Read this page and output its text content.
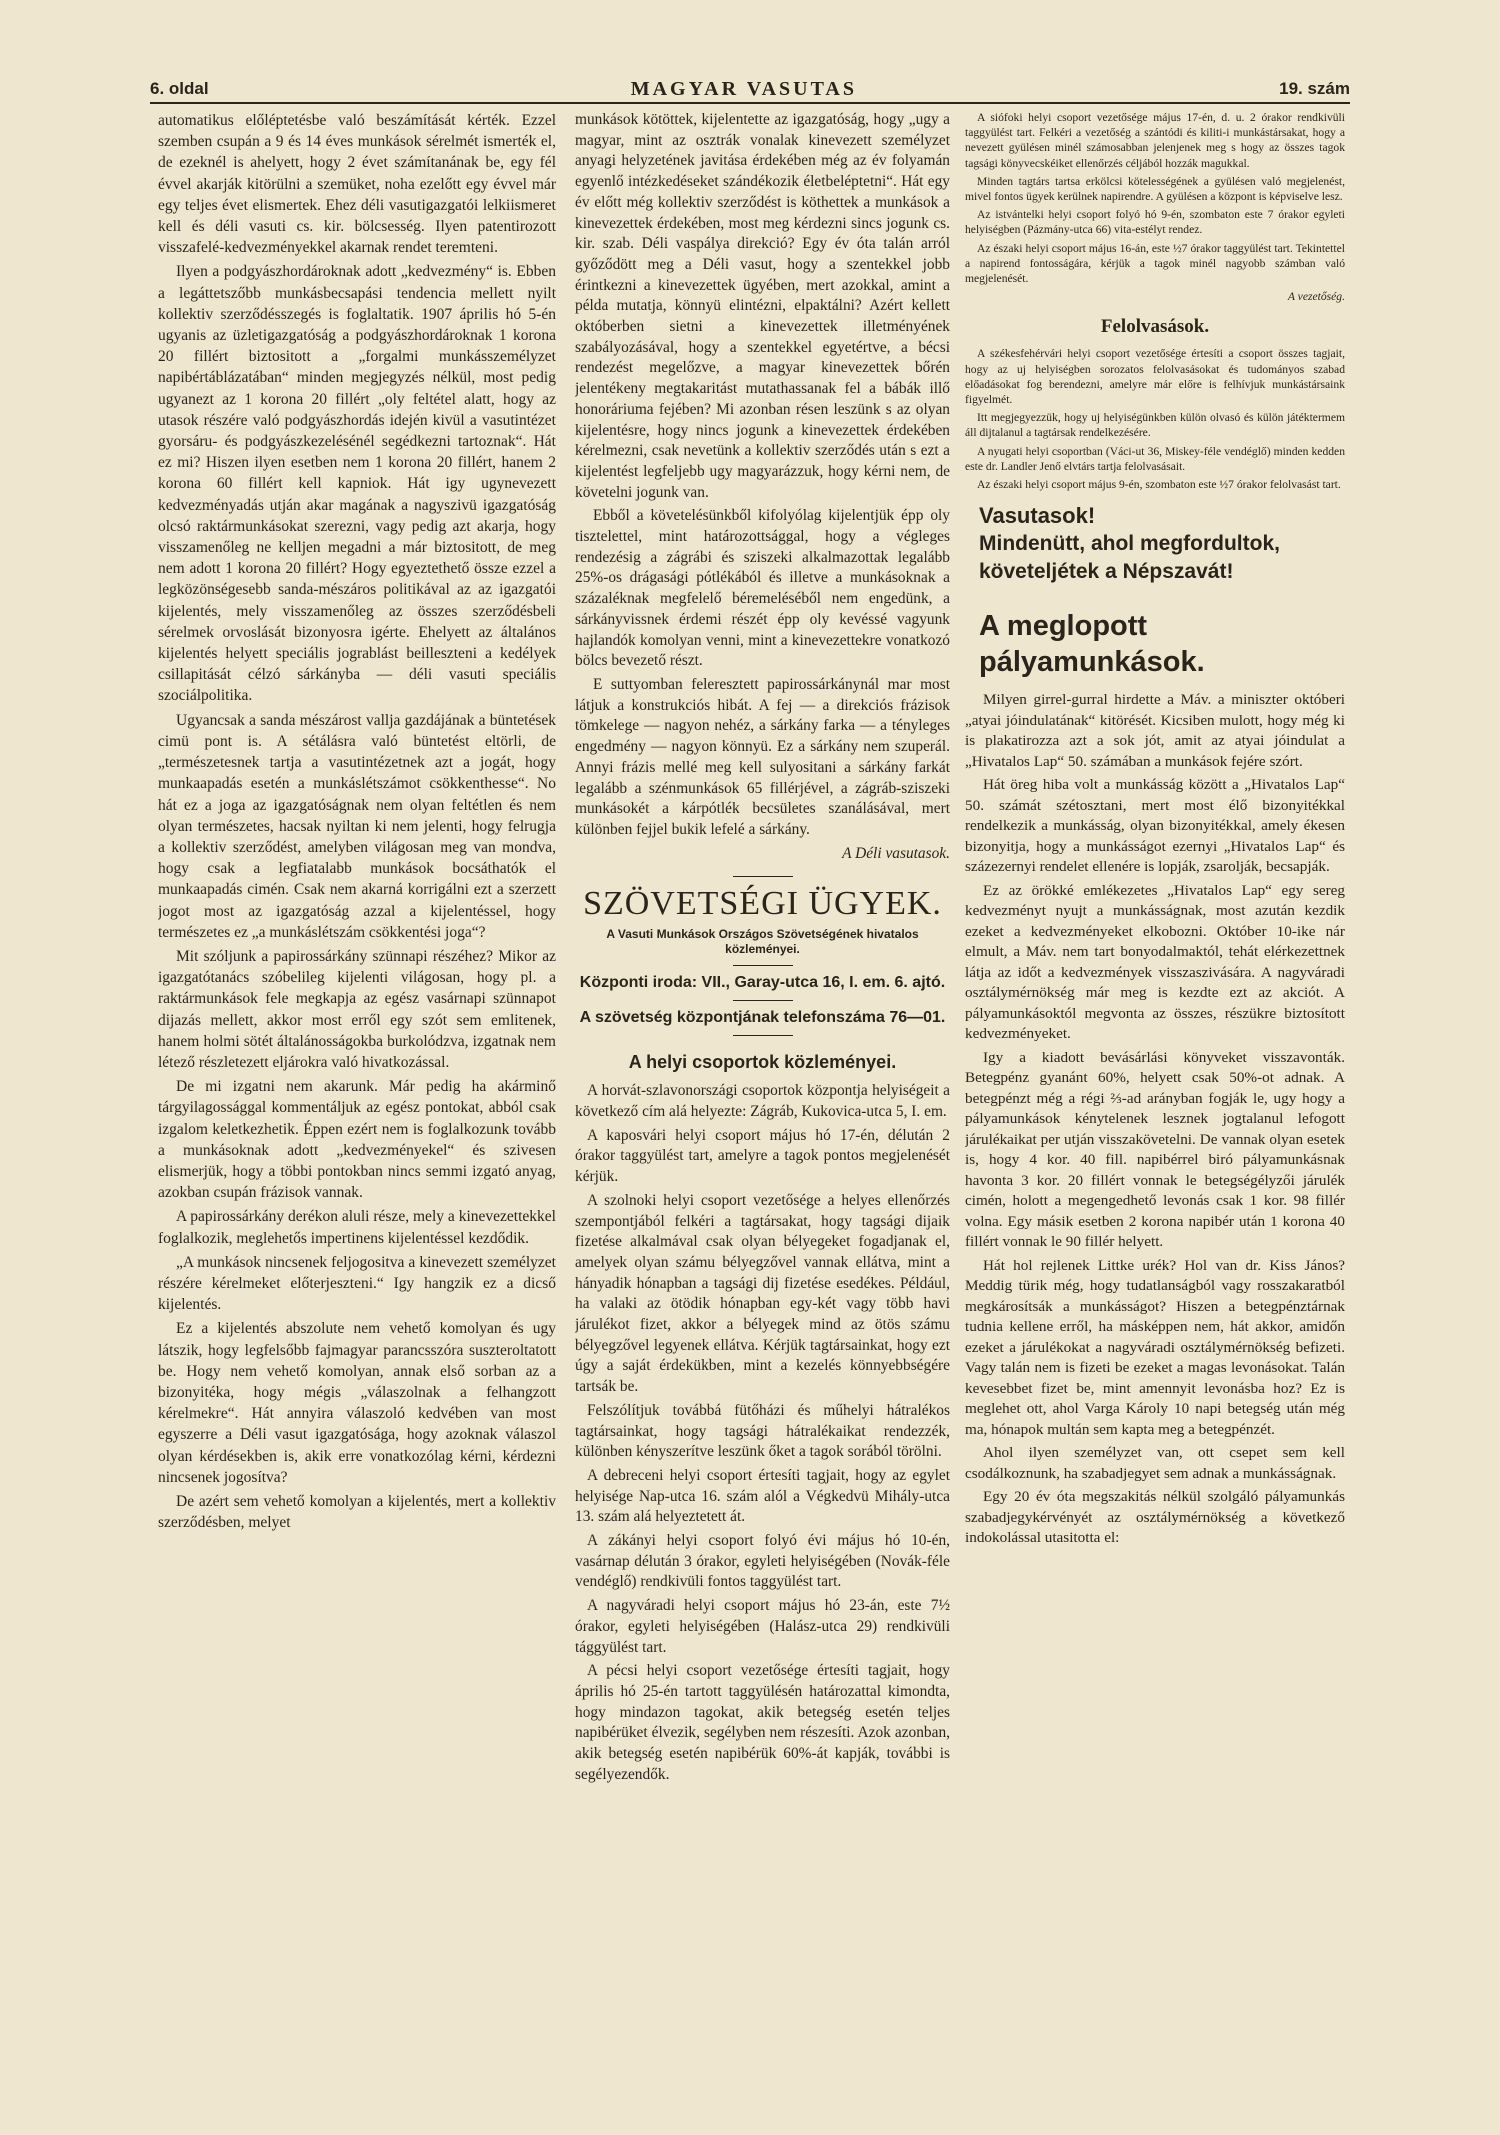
6. oldal	MAGYAR VASUTAS	19. szám

automatikus előléptetésbe való beszámítását kérték. Ezzel szemben csupán a 9 és 14 éves munkások sérelmét ismerték el, de ezeknél is ahelyett, hogy 2 évet számítanának be, egy fél évvel akarják kitörülni a szemüket, noha ezelőtt egy évvel már egy teljes évet elismertek. Ehez déli vasutigazgatói lelkiismeret kell és déli vasuti cs. kir. bölcsesség. Ilyen patentirozott visszafelé-kedvezményekkel akarnak rendet teremteni.

Ilyen a podgyászhordároknak adott „kedvezmény“ is. Ebben a legáttetszőbb munkásbecsapási tendencia mellett nyilt kollektiv szerződésszegés is foglaltatik. 1907 április hó 5-én ugyanis az üzletigazgatóság a podgyászhordároknak 1 korona 20 fillért biztositott a „forgalmi munkásszemélyzet napibértáblázatában“ minden megjegyzés nélkül, most pedig ugyanezt az 1 korona 20 fillért „oly feltétel alatt, hogy az utasok részére való podgyászhordás idején kivül a vasutintézet gyorsáru- és podgyászkezelésénél segédkezni tartoznak“. Hát ez mi? Hiszen ilyen esetben nem 1 korona 20 fillért, hanem 2 korona 60 fillért kell kapniok. Hát igy ugynevezett kedvezményadás utján akar magának a nagyszivü igazgatóság olcsó raktármunkásokat szerezni, vagy pedig azt akarja, hogy visszamenőleg ne kelljen megadni a már biztositott, de meg nem adott 1 korona 20 fillért? Hogy egyeztethető össze ezzel a legközönségesebb sanda-mészáros politikával az az igazgatói kijelentés, mely visszamenőleg az összes szerződésbeli sérelmek orvoslását bizonyosra igérte. Ehelyett az általános kijelentés helyett speciális jograblást beilleszteni a kedélyek csillapitását célzó sárkányba — déli vasuti speciális szociálpolitika.

Ugyancsak a sanda mészárost vallja gazdájának a büntetések cimü pont is. A sétálásra való büntetést eltörli, de „természetesnek tartja a vasutintézetnek azt a jogát, hogy munkaapadás esetén a munkáslétszámot csökkenthesse“. No hát ez a joga az igazgatóságnak nem olyan feltétlen és nem olyan természetes, hacsak nyiltan ki nem jelenti, hogy felrugja a kollektiv szerződést, amelyben világosan meg van mondva, hogy csak a legfiatalabb munkások bocsáthatók el munkaapadás cimén. Csak nem akarná korrigálni ezt a szerzett jogot most az igazgatóság azzal a kijelentéssel, hogy természetes ez „a munkáslétszám csökkentési joga“?

Mit szóljunk a papirossárkány szünnapi részéhez? Mikor az igazgatótanács szóbelileg kijelenti világosan, hogy pl. a raktármunkások fele megkapja az egész vasárnapi szünnapot dijazás mellett, akkor most erről egy szót sem emlitenek, hanem holmi sötét általánosságokba burkolódzva, izgatnak nem létező részletezett eljárokra való hivatkozással.

De mi izgatni nem akarunk. Már pedig ha akárminő tárgyilagossággal kommentáljuk az egész pontokat, abból csak izgalom keletkezhetik. Éppen ezért nem is foglalkozunk tovább a munkásoknak adott „kedvezményekel“ és szivesen elismerjük, hogy a többi pontokban nincs semmi izgató anyag, azokban csupán frázisok vannak.

A papirossárkány derékon aluli része, mely a kinevezettekkel foglalkozik, meglehetős impertinens kijelentéssel kezdődik.

„A munkások nincsenek feljogositva a kinevezett személyzet részére kérelmeket előterjeszteni.“ Igy hangzik ez a dicső kijelentés.

Ez a kijelentés abszolute nem vehető komolyan és ugy látszik, hogy legfelsőbb fajmagyar parancsszóra suszteroltatott be. Hogy nem vehető komolyan, annak első sorban az a bizonyitéka, hogy mégis „válaszolnak a felhangzott kérelmekre“. Hát annyira válaszoló kedvében van most egyszerre a Déli vasut igazgatósága, hogy azoknak válaszol olyan kérdésekben is, akik erre vonatkozólag kérni, kérdezni nincsenek jogosítva?

De azért sem vehető komolyan a kijelentés, mert a kollektiv szerződésben, melyet

munkások kötöttek, kijelentette az igazgatóság, hogy „ugy a magyar, mint az osztrák vonalak kinevezett személyzet anyagi helyzetének javitása érdekében még az év folyamán egyenlő intézkedéseket szándékozik életbeléptetni“. Hát egy év előtt még kollektiv szerződést is köthettek a munkások a kinevezettek érdekében, most meg kérdezni sincs jogunk cs. kir. szab. Déli vaspálya direkció? Egy év óta talán arról győződött meg a Déli vasut, hogy a szentekkel jobb érintkezni a kinevezettek ügyében, mert azokkal, amint a példa mutatja, könnyü elintézni, elpaktálni? Azért kellett októberben sietni a kinevezettek illetményének szabályozásával, hogy a szentekkel egyetértve, a bécsi rendezést megelőzve, a magyar kinevezettek bőrén jelentékeny megtakaritást mutathassanak fel a bábák illő honoráriuma fejében? Mi azonban résen leszünk s az olyan kijelentésre, hogy nincs jogunk a kinevezettek érdekében kérelmezni, csak nevetünk a kollektiv szerződés után s ezt a kijelentést legfeljebb ugy magyarázzuk, hogy kérni nem, de követelni jogunk van.

Ebből a követelésünkből kifolyólag kijelentjük épp oly tisztelettel, mint határozottsággal, hogy a végleges rendezésig a zágrábi és sziszeki alkalmazottak legalább 25%-os drágasági pótlékából és illetve a munkásoknak a százaléknak megfelelő béremeléséből nem engedünk, a sárkányvissnek érdemi részét épp oly kevéssé vagyunk hajlandók komolyan venni, mint a kinevezettekre vonatkozó bölcs bevezető részt.

E suttyomban feleresztett papirossárkánynál mar most látjuk a konstrukciós hibát. A fej — a direkciós frázisok tömkelege — nagyon nehéz, a sárkány farka — a tényleges engedmény — nagyon könnyü. Ez a sárkány nem szuperál. Annyi frázis mellé meg kell sulyositani a sárkány farkát legalább a szénmunkások 65 fillérjével, a zágráb-sziszeki munkásokét a kárpótlék becsületes szanálásával, mert különben fejjel bukik lefelé a sárkány.

A Déli vasutasok.
SZÖVETSÉGI ÜGYEK.
A Vasuti Munkások Országos Szövetségének hivatalos közleményei.
Központi iroda: VII., Garay-utca 16, I. em. 6. ajtó.
A szövetség központjának telefonszáma 76—01.
A helyi csoportok közleményei.

A horvát-szlavonországi csoportok központja helyiségeit a következő cím alá helyezte: Zágráb, Kukovica-utca 5, I. em.

A kaposvári helyi csoport május hó 17-én, délután 2 órakor taggyülést tart, amelyre a tagok pontos megjelenését kérjük.

A szolnoki helyi csoport vezetősége a helyes ellenőrzés szempontjából felkéri a tagtársakat, hogy tagsági dijaik fizetése alkalmával csak olyan bélyegeket fogadjanak el, amelyek olyan számu bélyegzővel vannak ellátva, mint a hányadik hónapban a tagsági dij fizetése esedékes. Például, ha valaki az ötödik hónapban egy-két vagy több havi járulékot fizet, akkor a bélyegek mind az ötös számu bélyegzővel legyenek ellátva. Kérjük tagtársainkat, hogy ezt úgy a saját érdekükben, mint a kezelés könnyebbségére tartsák be.

Felszólítjuk továbbá fütőházi és műhelyi hátralékos tagtársainkat, hogy tagsági hátralékaikat rendezzék, különben kényszerítve leszünk őket a tagok sorából törölni.

A debreceni helyi csoport értesíti tagjait, hogy az egylet helyisége Nap-utca 16. szám alól a Végkedvü Mihály-utca 13. szám alá helyeztetett át.

A zákányi helyi csoport folyó évi május hó 10-én, vasárnap délután 3 órakor, egyleti helyiségében (Novák-féle vendéglő) rendkivüli fontos taggyülést tart.

A nagyváradi helyi csoport május hó 23-án, este 7½ órakor, egyleti helyiségében (Halász-utca 29) rendkivüli tággyülést tart.

A pécsi helyi csoport vezetősége értesíti tagjait, hogy április hó 25-én tartott taggyülésén határozattal kimondta, hogy mindazon tagokat, akik betegség esetén teljes napibérüket élvezik, segélyben nem részesíti. Azok azonban, akik betegség esetén napibérük 60%-át kapják, további is segélyezendők.

A siófoki helyi csoport vezetősége május 17-én, d. u. 2 órakor rendkivüli taggyülést tart. Felkéri a vezetőség a szántódi és kiliti-i munkástársakat, hogy a nevezett gyülésen minél számosabban jelenjenek meg s hogy az összes tagok tagsági könyvecskéiket ellenőrzés céljából hozzák magukkal.

Minden tagtárs tartsa erkölcsi kötelességének a gyülésen való megjelenést, mivel fontos ügyek kerülnek napirendre. A gyülésen a központ is képviselve lesz.

Az istvántelki helyi csoport folyó hó 9-én, szombaton este 7 órakor egyleti helyiségben (Pázmány-utca 66) vita-estélyt rendez.

Az északi helyi csoport május 16-án, este ½7 órakor taggyülést tart. Tekintettel a napirend fontosságára, kérjük a tagok minél nagyobb számban való megjelenését.

A vezetőség.
Felolvasások.

A székesfehérvári helyi csoport vezetősége értesíti a csoport összes tagjait, hogy az uj helyiségben sorozatos felolvasásokat és tudományos szabad előadásokat fog berendezni, amelyre már előre is felhívjuk munkástársaink figyelmét.

Itt megjegyezzük, hogy uj helyiségünkben külön olvasó és külön játéktermem áll dijtalanul a tagtársak rendelkezésére.

A nyugati helyi csoportban (Váci-ut 36, Miskey-féle vendéglő) minden kedden este dr. Landler Jenő elvtárs tartja felolvasásait.

Az északi helyi csoport május 9-én, szombaton este ½7 órakor felolvasást tart.

Vasutasok!
Mindenütt, ahol megfordultok,
követeljétek a Népszavát!
A meglopott pályamunkások.

Milyen girrel-gurral hirdette a Máv. a miniszter októberi „atyai jóindulatának“ kitörését. Kicsiben mulott, hogy még ki is plakatirozza azt a sok jót, amit az atyai jóindulat a „Hivatalos Lap“ 50. számában a munkások fejére szórt.

Hát öreg hiba volt a munkásság között a „Hivatalos Lap“ 50. számát szétosztani, mert most élő bizonyitékkal rendelkezik a munkásság, olyan bizonyitékkal, amely ékesen bizonyitja, hogy a munkásságot ezernyi „Hivatalos Lap“ és százezernyi rendelet ellenére is lopják, zsarolják, becsapják.

Ez az örökké emlékezetes „Hivatalos Lap“ egy sereg kedvezményt nyujt a munkásságnak, most azután kezdik ezeket a kedvezményeket elkobozni. Október 10-ike nár elmult, a Máv. nem tart bonyodalmaktól, tehát elérkezettnek látja az időt a kedvezmények visszaszivására. A nagyváradi osztálymérnökség már meg is kezdte ezt az akciót. A pályamunkásoktól megvonta az összes, részükre biztosított kedvezményeket.

Igy a kiadott bevásárlási könyveket visszavonták. Betegpénz gyanánt 60%, helyett csak 50%-ot adnak. A betegpénzt még a régi ⅔-ad arányban fogják le, ugy hogy a pályamunkások kénytelenek lesznek jogtalanul lefogott járulékaikat per utján visszakövetelni. De vannak olyan esetek is, hogy 4 kor. 40 fill. napibérrel biró pályamunkásnak havonta 3 kor. 20 fillért vonnak le betegségélyzői járulék cimén, holott a megengedhető levonás csak 1 kor. 98 fillér volna. Egy másik esetben 2 korona napibér után 1 korona 40 fillért vonnak le 90 fillér helyett.

Hát hol rejlenek Littke urék? Hol van dr. Kiss János? Meddig türik még, hogy tudatlanságból vagy rosszakaratból megkárosítsák a munkásságot? Hiszen a betegpénztárnak tudnia kellene erről, ha másképpen nem, hát akkor, amidőn ezeket a járulékokat a nagyváradi osztálymérnökség befizeti. Vagy talán nem is fizeti be ezeket a magas levonásokat. Talán kevesebbet fizet be, mint amennyit levonásba hoz? Ez is meglehet ott, ahol Varga Károly 10 napi betegség után még ma, hónapok multán sem kapta meg a betegpénzét.

Ahol ilyen személyzet van, ott csepet sem kell csodálkoznunk, ha szabadjegyet sem adnak a munkásságnak.

Egy 20 év óta megszakitás nélkül szolgáló pályamunkás szabadjegykérvényét az osztálymérnökség a következő indokolással utasitotta el:
